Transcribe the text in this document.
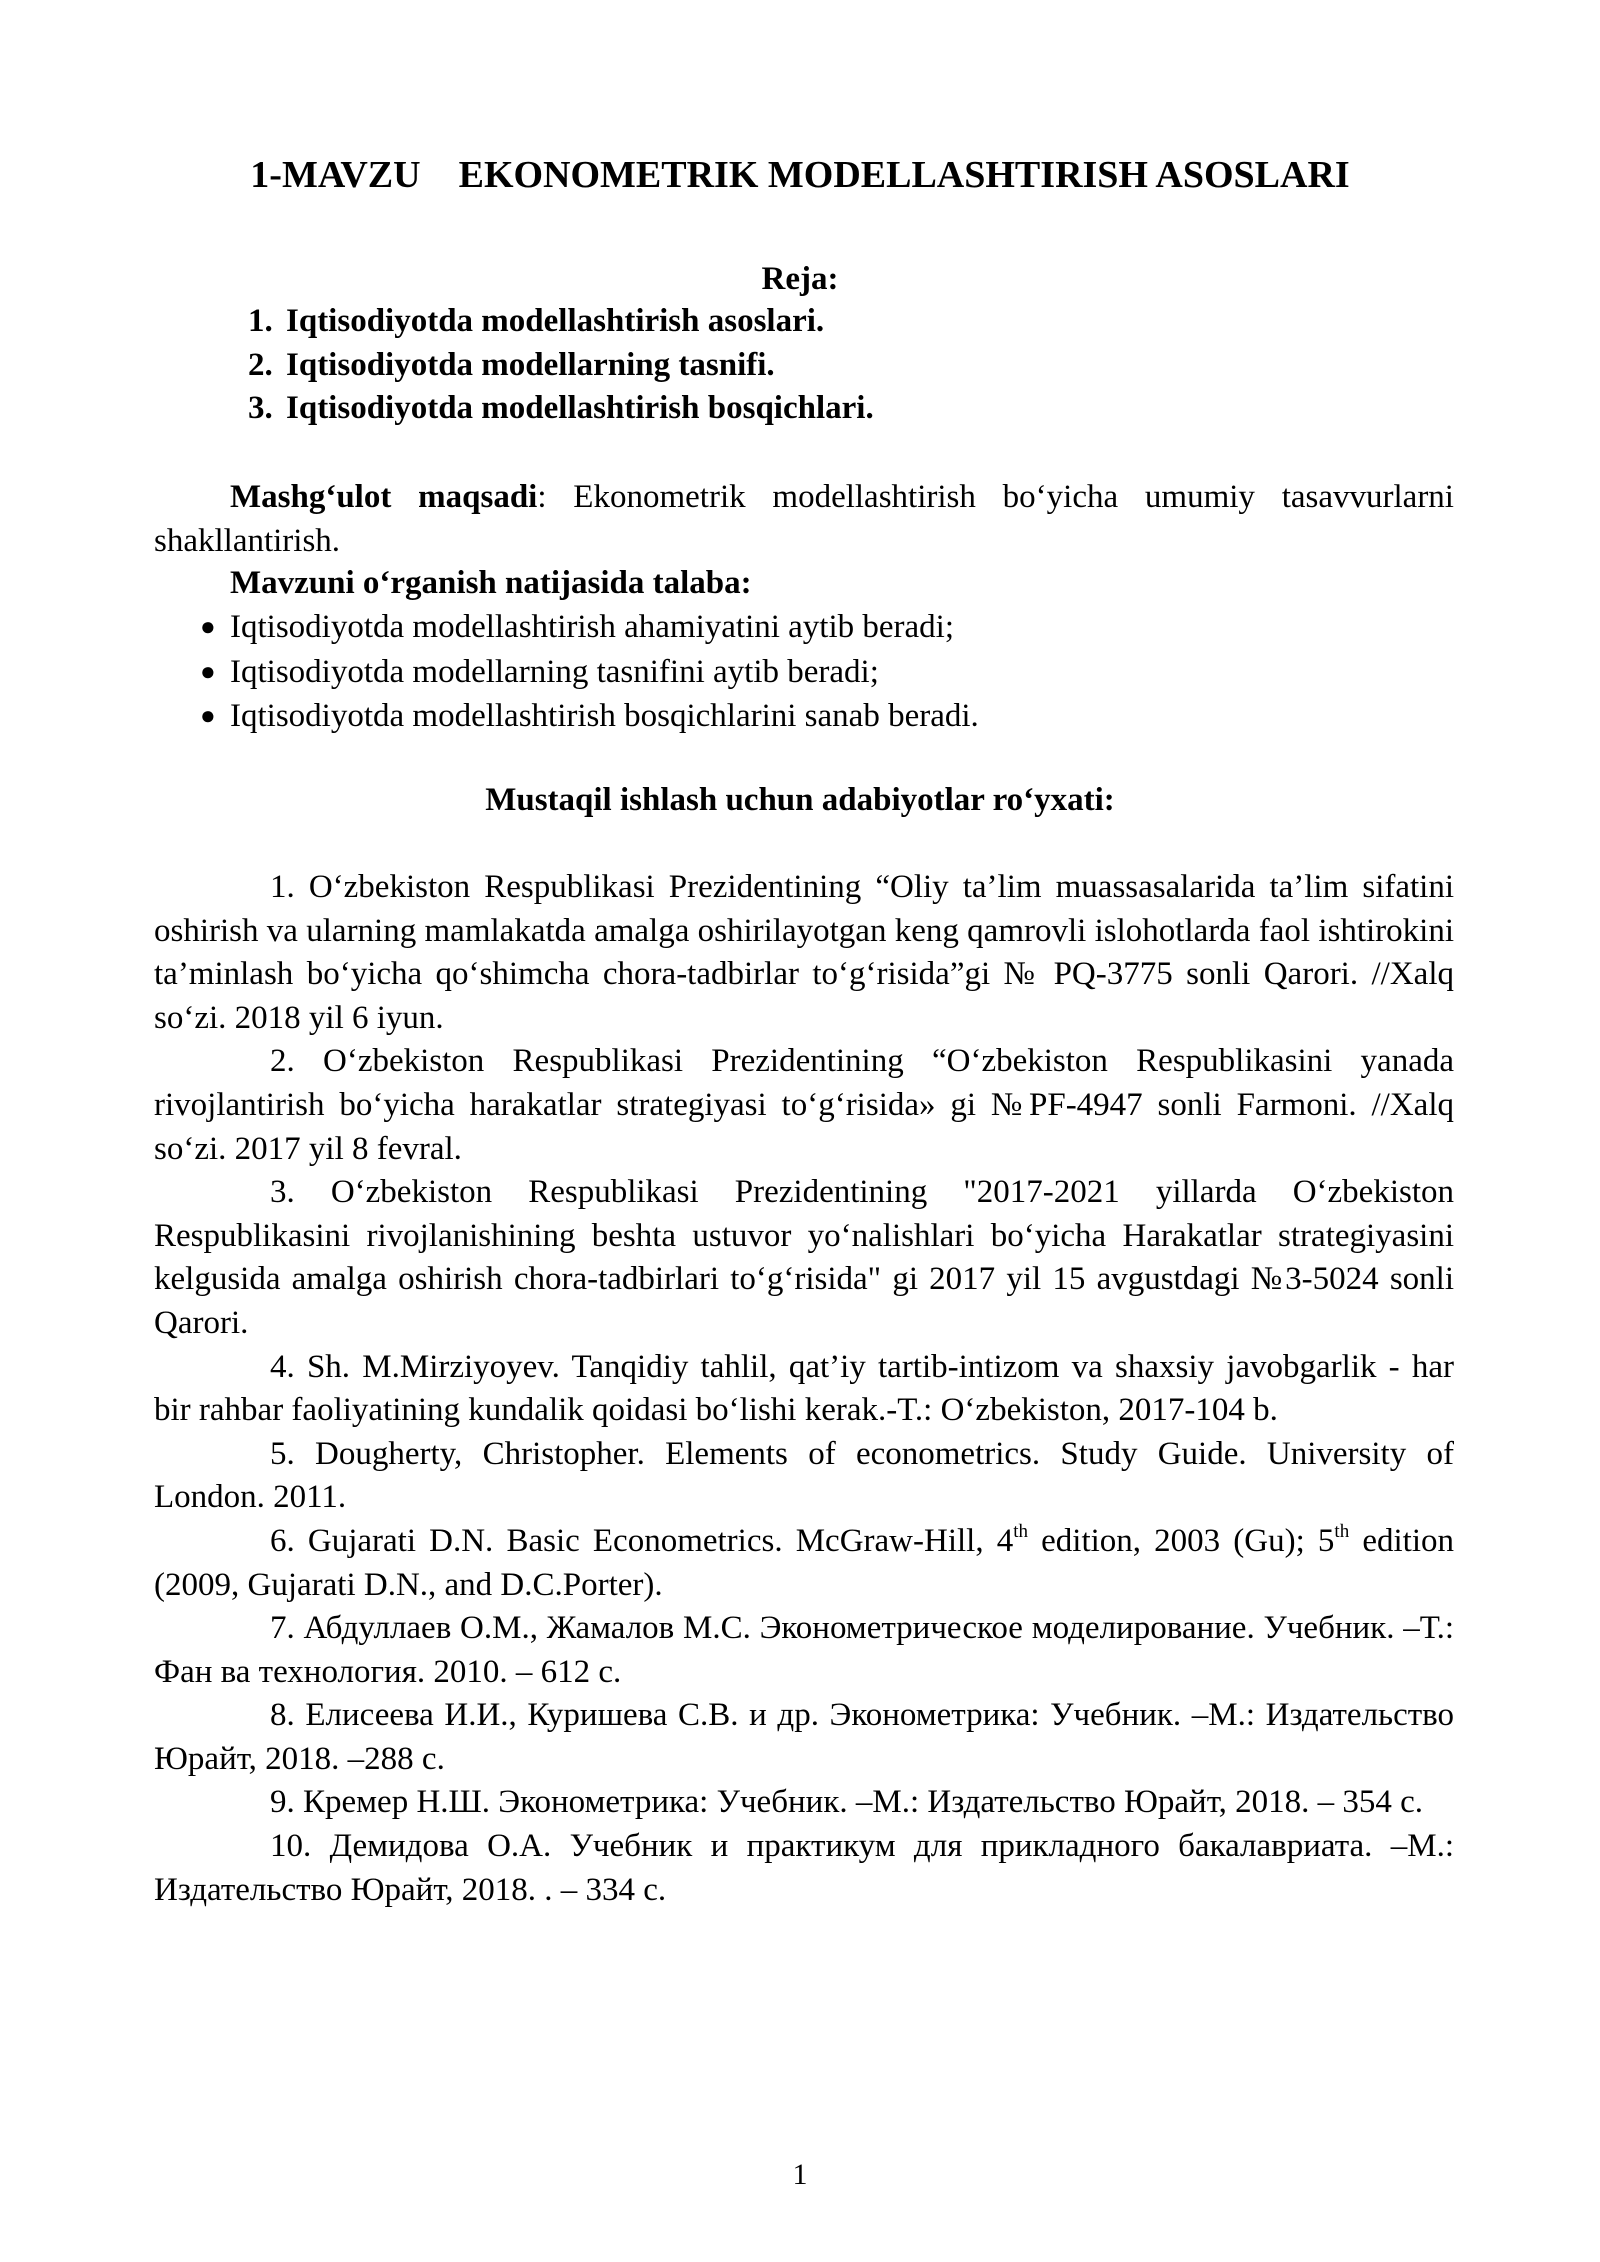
1-MAVZU    EKONOMETRIK MODELLASHTIRISH ASOSLARI
Reja:
1. Iqtisodiyotda modellashtirish asoslari.
2. Iqtisodiyotda modellarning tasnifi.
3. Iqtisodiyotda modellashtirish bosqichlari.

Mashg‘ulot maqsadi: Ekonometrik modellashtirish bo‘yicha umumiy tasavvurlarni shakllantirish.

Mavzuni o‘rganish natijasida talaba:
● Iqtisodiyotda modellashtirish ahamiyatini aytib beradi;
● Iqtisodiyotda modellarning tasnifini aytib beradi;
● Iqtisodiyotda modellashtirish bosqichlarini sanab beradi.
Mustaqil ishlash uchun adabiyotlar ro‘yxati:

1. O‘zbekiston Respublikasi Prezidentining “Oliy ta’lim muassasalarida ta’lim sifatini oshirish va ularning mamlakatda amalga oshirilayotgan keng qamrovli islohotlarda faol ishtirokini ta’minlash bo‘yicha qo‘shimcha chora-tadbirlar to‘g‘risida”gi № PQ-3775 sonli Qarori. //Xalq so‘zi. 2018 yil 6 iyun.

2. O‘zbekiston Respublikasi Prezidentining “O‘zbekiston Respublikasini yanada rivojlantirish bo‘yicha harakatlar strategiyasi to‘g‘risida» gi №PF-4947 sonli Farmoni. //Xalq so‘zi. 2017 yil 8 fevral.

3. O‘zbekiston Respublikasi Prezidentining "2017-2021 yillarda O‘zbekiston Respublikasini rivojlanishining beshta ustuvor yo‘nalishlari bo‘yicha Harakatlar strategiyasini kelgusida amalga oshirish chora-tadbirlari to‘g‘risida" gi 2017 yil 15 avgustdagi №3-5024 sonli Qarori.

4. Sh. M.Mirziyoyev. Tanqidiy tahlil, qat’iy tartib-intizom va shaxsiy javobgarlik - har bir rahbar faoliyatining kundalik qoidasi bo‘lishi kerak.-T.: O‘zbekiston, 2017-104 b.

5. Dougherty, Christopher. Elements of econometrics. Study Guide. University of London. 2011.

6. Gujarati D.N. Basic Econometrics. McGraw-Hill, 4th edition, 2003 (Gu); 5th edition (2009, Gujarati D.N., and D.C.Porter).

7. Абдуллаев О.М., Жамалов М.С. Эконометрическое моделирование. Учебник. –Т.: Фан ва технология. 2010. – 612 с.

8. Елисеева И.И., Куришева С.В. и др. Эконометрика: Учебник. –М.: Издательство Юрайт, 2018. –288 с.

9. Кремер Н.Ш. Эконометрика: Учебник. –М.: Издательство Юрайт, 2018. – 354 с.

10. Демидова О.А. Учебник и практикум для прикладного бакалавриата. –М.: Издательство Юрайт, 2018. . – 334 с.

1
